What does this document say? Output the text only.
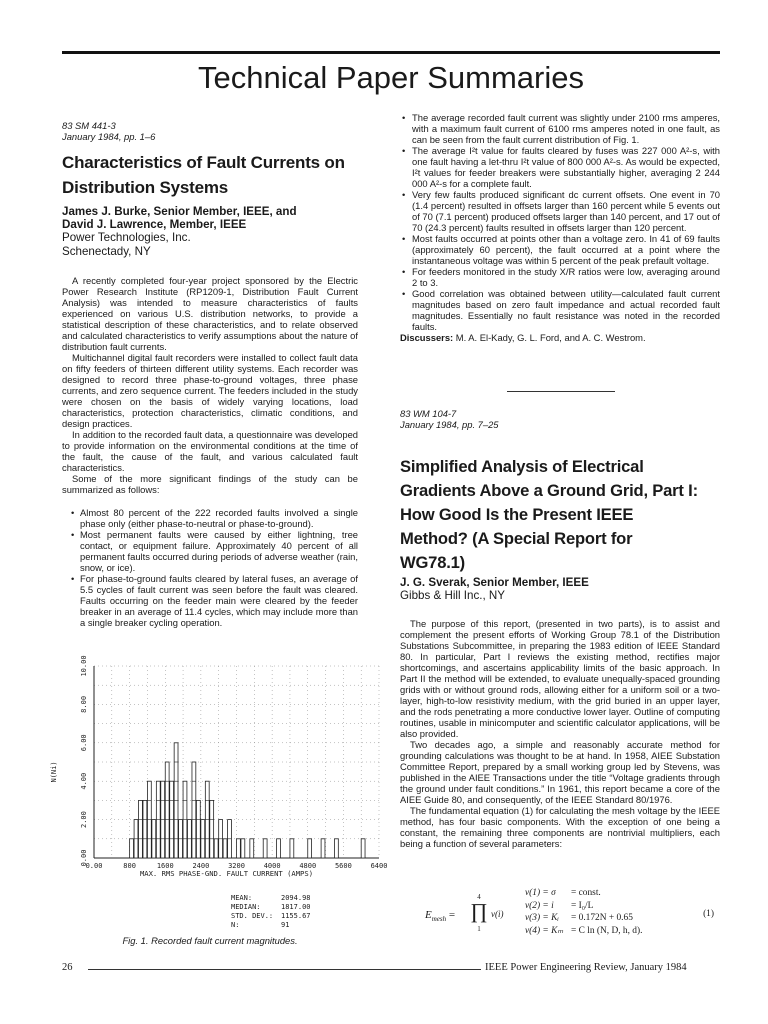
Technical Paper Summaries
83 SM 441-3
January 1984, pp. 1–6
Characteristics of Fault Currents on
Distribution Systems
James J. Burke, Senior Member, IEEE, and
David J. Lawrence, Member, IEEE
Power Technologies, Inc.
Schenectady, NY

A recently completed four-year project sponsored by the Electric Power Research Institute (RP1209-1, Distribution Fault Current Analysis) was intended to measure characteristics of faults experienced on various U.S. distribution networks, to provide a statistical description of these characteristics, and to relate observed and calculated characteristics to verify assumptions about the nature of distribution fault currents.

Multichannel digital fault recorders were installed to collect fault data on fifty feeders of thirteen different utility systems. Each recorder was designed to record three phase-to-ground voltages, three phase currents, and zero sequence current. The feeders included in the study were chosen on the basis of widely varying locations, load characteristics, protection characteristics, climatic conditions, and design practices.

In addition to the recorded fault data, a questionnaire was developed to provide information on the environmental conditions at the time of the fault, the cause of the fault, and various calculated fault characteristics.

Some of the more significant findings of the study can be summarized as follows:

• Almost 80 percent of the 222 recorded faults involved a single phase only (either phase-to-neutral or phase-to-ground).
• Most permanent faults were caused by either lightning, tree contact, or equipment failure. Approximately 40 percent of all permanent faults occurred during periods of adverse weather (rain, snow, or ice).
• For phase-to-ground faults cleared by lateral fuses, an average of 5.5 cycles of fault current was seen before the fault was cleared. Faults occurring on the feeder main were cleared by the feeder breaker in an average of 11.4 cycles, which may include more than a single breaker cycling operation.
0.00	800	1600	2400	3200	4000	4800	5600	6400
0.00
2.00
4.00
6.00
8.00
10.00
MAX. RMS PHASE-GND. FAULT CURRENT (AMPS)
N(Ni)
MEAN:	2094.98
MEDIAN:	1817.00
STD. DEV.:	1155.67
N:	91
Fig. 1. Recorded fault current magnitudes.
• The average recorded fault current was slightly under 2100 rms amperes, with a maximum fault current of 6100 rms amperes noted in one fault, as can be seen from the fault current distribution of Fig. 1.
• The average I²t value for faults cleared by fuses was 227 000 A²-s, with one fault having a let-thru I²t value of 800 000 A²-s. As would be expected, I²t values for feeder breakers were substantially higher, averaging 2 244 000 A²-s for a complete fault.
• Very few faults produced significant dc current offsets. One event in 70 (1.4 percent) resulted in offsets larger than 160 percent while 5 events out of 70 (7.1 percent) produced offsets larger than 140 percent, and 17 out of 70 (24.3 percent) faults resulted in offsets larger than 120 percent.
• Most faults occurred at points other than a voltage zero. In 41 of 69 faults (approximately 60 percent), the fault occurred at a point where the instantaneous voltage was within 5 percent of the peak prefault voltage.
• For feeders monitored in the study X/R ratios were low, averaging around 2 to 3.
• Good correlation was obtained between utility—calculated fault current magnitudes based on zero fault impedance and actual recorded fault magnitudes. Essentially no fault resistance was noted in the recorded faults.
Discussers: M. A. El-Kady, G. L. Ford, and A. C. Westrom.
83 WM 104-7
January 1984, pp. 7–25
Simplified Analysis of Electrical
Gradients Above a Ground Grid, Part I:
How Good Is the Present IEEE
Method? (A Special Report for
WG78.1)
J. G. Sverak, Senior Member, IEEE
Gibbs & Hill Inc., NY

The purpose of this report, (presented in two parts), is to assist and complement the present efforts of Working Group 78.1 of the Distribution Substations Subcommittee, in preparing the 1983 edition of IEEE Standard 80. In particular, Part I reviews the existing method, rectifies major shortcomings, and ascertains applicability limits of the basic approach. In Part II the method will be extended, to evaluate unequally-spaced grounding grids with or without ground rods, allowing either for a uniform soil or a two-layer, high-to-low resistivity medium, with the grid buried in an upper layer, and the rods penetrating a more conductive lower layer. Outline of computing routines, usable in minicomputer and scientific calculator applications, will be also provided.

Two decades ago, a simple and reasonably accurate method for grounding calculations was thought to be at hand. In 1958, AIEE Substation Committee Report, prepared by a small working group led by Stevens, was published in the AIEE Transactions under the title “Voltage gradients through the ground under fault conditions.” In 1961, this report became a core of the AIEE Guide 80, and consequently, of the IEEE Standard 80/1976.

The fundamental equation (1) for calculating the mesh voltage by the IEEE method, has four basic components. With the exception of one being a constant, the remaining three components are nontrivial multipliers, each being a function of several parameters:

$E_{mesh}$ =
4
∏
1
ν(i)
ν(1) = σ	= const.
ν(2) = i	= I₀/L
ν(3) = Kᵢ	= 0.172N + 0.65
ν(4) = Kₘ = C ln (N, D, h, d).
(1)
26	IEEE Power Engineering Review, January 1984
